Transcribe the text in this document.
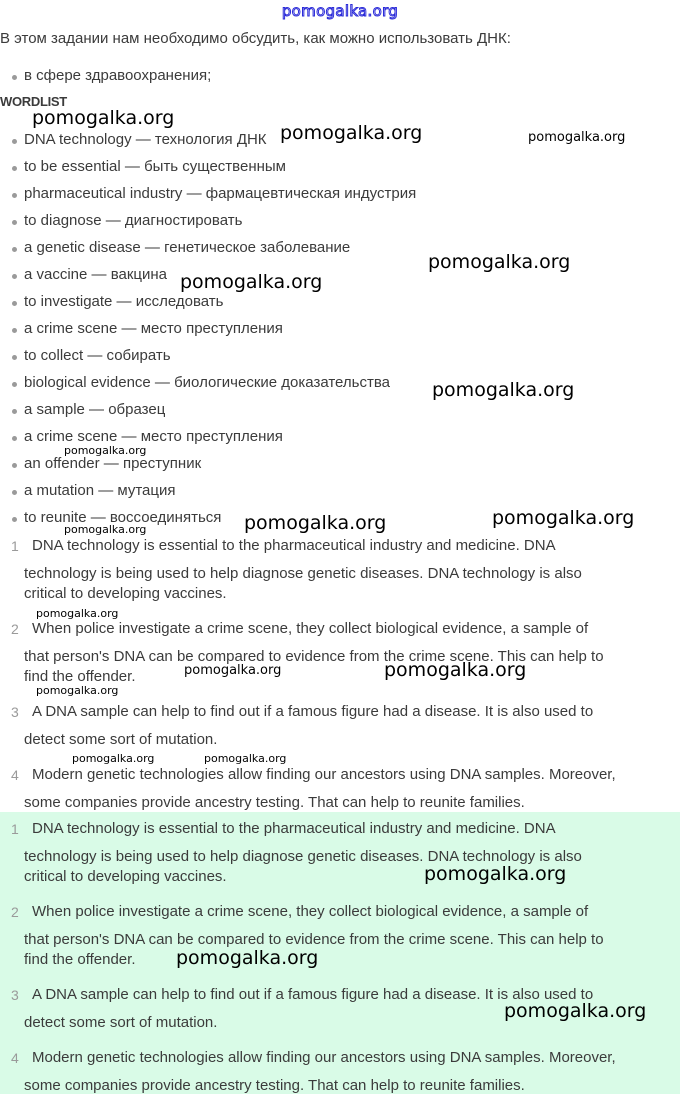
pomogalka.org
В этом задании нам необходимо обсудить, как можно использовать ДНК:
в сфере здравоохранения;
WORDLIST
DNA technology — технология ДНК
to be essential — быть существенным
pharmaceutical industry — фармацевтическая индустрия
to diagnose — диагностировать
a genetic disease — генетическое заболевание
a vaccine — вакцина
to investigate — исследовать
a crime scene — место преступления
to collect — собирать
biological evidence — биологические доказательства
a sample — образец
a crime scene — место преступления
an offender — преступник
a mutation — мутация
to reunite — воссоединяться
1 DNA technology is essential to the pharmaceutical industry and medicine. DNA
technology is being used to help diagnose genetic diseases. DNA technology is also
critical to developing vaccines.
2 When police investigate a crime scene, they collect biological evidence, a sample of
that person's DNA can be compared to evidence from the crime scene. This can help to
find the offender.
3 A DNA sample can help to find out if a famous figure had a disease. It is also used to
detect some sort of mutation.
4 Modern genetic technologies allow finding our ancestors using DNA samples. Moreover,
some companies provide ancestry testing. That can help to reunite families.
1 DNA technology is essential to the pharmaceutical industry and medicine. DNA
technology is being used to help diagnose genetic diseases. DNA technology is also
critical to developing vaccines.
2 When police investigate a crime scene, they collect biological evidence, a sample of
that person's DNA can be compared to evidence from the crime scene. This can help to
find the offender.
3 A DNA sample can help to find out if a famous figure had a disease. It is also used to
detect some sort of mutation.
4 Modern genetic technologies allow finding our ancestors using DNA samples. Moreover,
some companies provide ancestry testing. That can help to reunite families.
pomogalka.org
pomogalka.org	pomogalka.org
pomogalka.org
pomogalka.org
pomogalka.org
pomogalka.org
pomogalka.org
pomogalka.org
pomogalka.org
pomogalka.org
pomogalka.org	pomogalka.org
pomogalka.org
pomogalka.org	pomogalka.org
pomogalka.org
pomogalka.org
pomogalka.org
